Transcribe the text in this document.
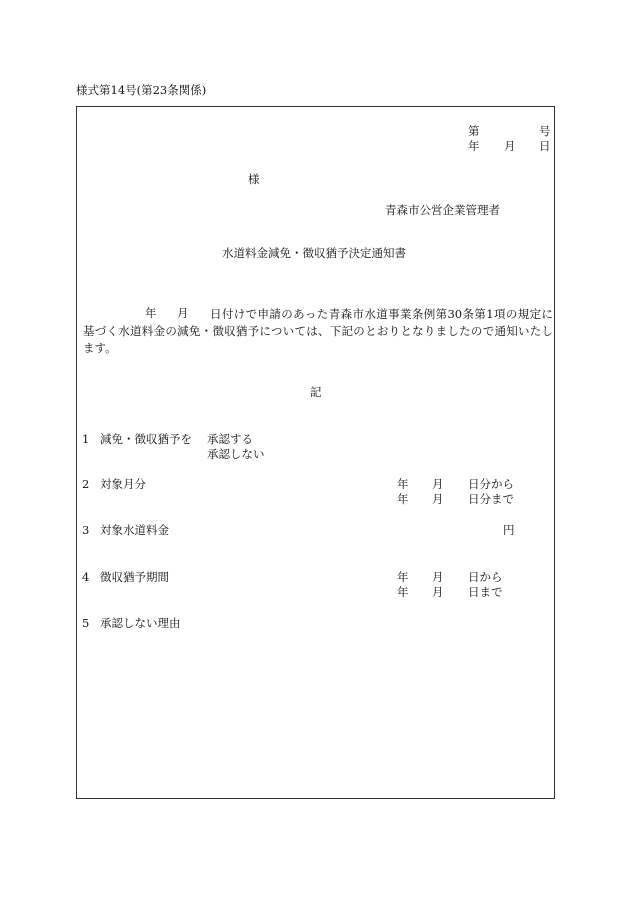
様式第14号(第23条関係)
第	号
年 月 日
様
青森市公営企業管理者
水道料金減免・徴収猶予決定通知書
年 月	日付けで申請のあった青森市水道事業条例第30条第1項の規定に基づく水道料金の減免・徴収猶予については、下記のとおりとなりましたので通知いたします。
記
1 減免・徴収猶予を 承認する
承認しない
2 対象月分	年 月 日分から
年 月 日分まで
3 対象水道料金	円
4 徴収猶予期間	年 月 日から
年 月 日まで
5 承認しない理由
